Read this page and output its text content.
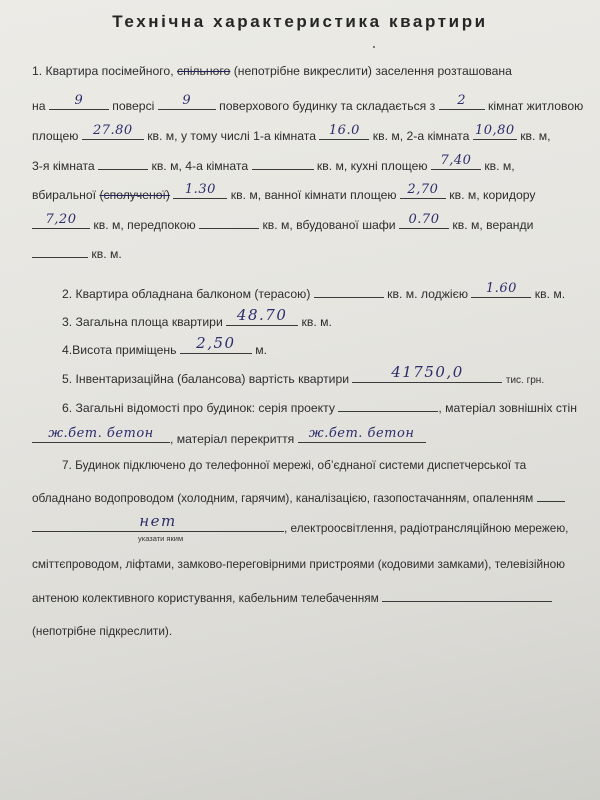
Технічна характеристика квартири
1. Квартира посімейного, спільного (непотрібне викреслити) заселення розташована
на 9 поверсі 9 поверхового будинку та складається з 2 кімнат житловою
площею 27.80 кв. м, у тому числі 1-а кімната 16.0 кв. м, 2-а кімната 10,80 кв. м,
3-я кімната	кв. м, 4-а кімната	кв. м, кухні площею 7,40 кв. м,
вбиральної (сполученої) 1.30 кв. м, ванної кімнати площею 2,70 кв. м, коридору
7,20 кв. м, передпокою	кв. м, вбудованої шафи 0.70 кв. м, веранди
кв. м.
2. Квартира обладнана балконом (терасою)	кв. м. лоджією 1.60 кв. м.
3. Загальна площа квартири 48.70 кв. м.
4.Висота приміщень 2,50 м.
5. Інвентаризаційна (балансова) вартість квартири	41750,0	тис. грн.
6. Загальні відомості про будинок: серія проекту	, матеріал зовнішніх стін
ж.бет. бетон , матеріал перекриття ж.бет. бетон
7. Будинок підключено до телефонної мережі, об’єднаної системи диспетчерської та
обладнано водопроводом (холодним, гарячим), каналізацією, газопостачанням, опаленням
нет	, електроосвітлення, радіотрансляційною мережею,
указати яким
сміттєпроводом, ліфтами, замково-переговірними пристроями (кодовими замками), телевізійною
антеною колективного користування, кабельним телебаченням
(непотрібне підкреслити).
